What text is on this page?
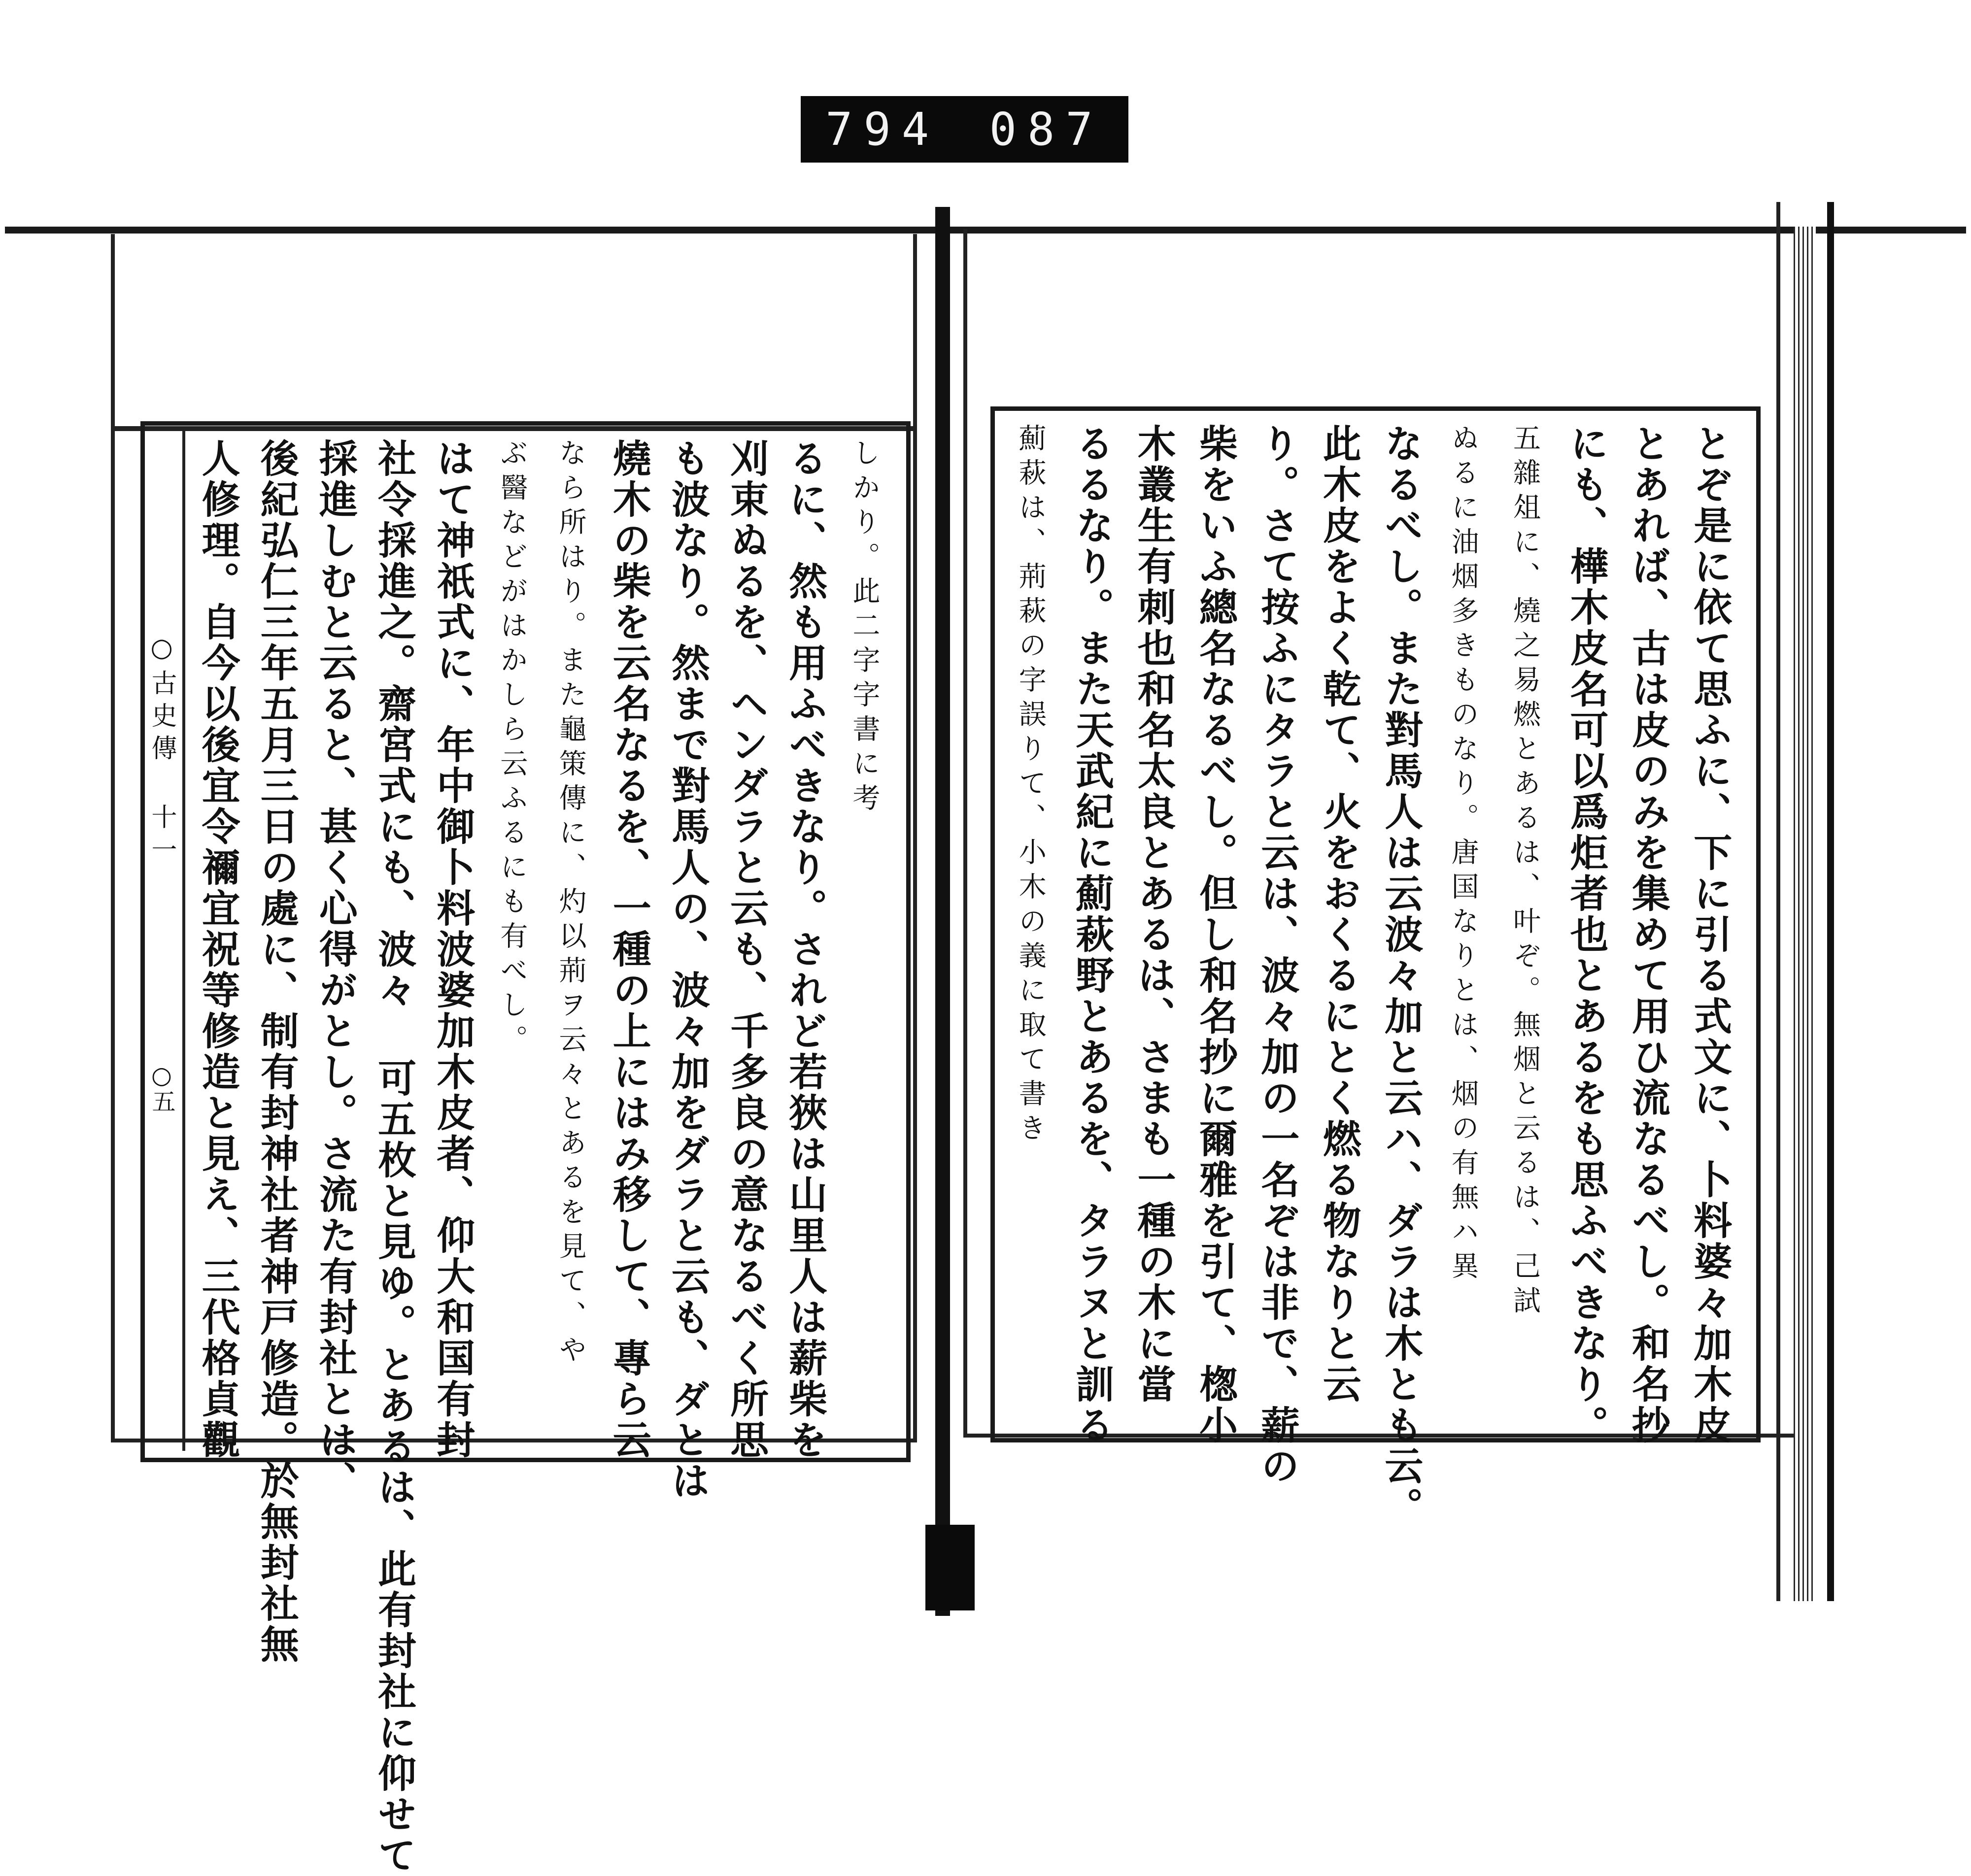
794 087
○古史傳 十一
○五
しかり。此二字字書に考
るに、然も用ふべきなり。されど若狹は山里人は薪柴を
刈束ぬるを、ヘンダラと云も、千多良の意なるべく所思
も波なり。然まで對馬人の、波々加をダラと云も、ダとは
燒木の柴を云名なるを、一種の上にはみ移して、專ら云
なら所はり。また龜策傳に、灼以荊ヲ云々とあるを見て、や
ぶ醫などがはかしら云ふるにも有べし。
はて神祇式に、年中御卜料波婆加木皮者、仰大和国有封
社令採進之。齋宮式にも、波々 可五枚と見ゆ。とあるは、此有封社に仰せて
採進しむと云ると、甚く心得がとし。さ流た有封社とは、
後紀弘仁三年五月三日の處に、制有封神社者神戸修造。於無封社無
人修理。自今以後宜令禰宜祝等修造と見え、三代格貞觀	とぞ是に依て思ふに、下に引る式文に、卜料婆々加木皮
とあれば、古は皮のみを集めて用ひ流なるべし。和名抄
にも、樺木皮名可以爲炬者也とあるをも思ふべきなり。
五雜俎に、燒之易燃とあるは、叶ぞ。無烟と云るは、己試
ぬるに油烟多きものなり。唐国なりとは、烟の有無ハ異
なるべし。また對馬人は云波々加と云ハ、ダラは木とも云。
此木皮をよく乾て、火をおくるにとく燃る物なりと云
り。さて按ふにタラと云は、波々加の一名ぞは非で、薪の
柴をいふ總名なるべし。但し和名抄に爾雅を引て、楤小
木叢生有刺也和名太良とあるは、さまも一種の木に當
るるなり。また天武紀に薊萩野とあるを、タラヌと訓る
薊萩は、荊萩の字誤りて、小木の義に取て書き
